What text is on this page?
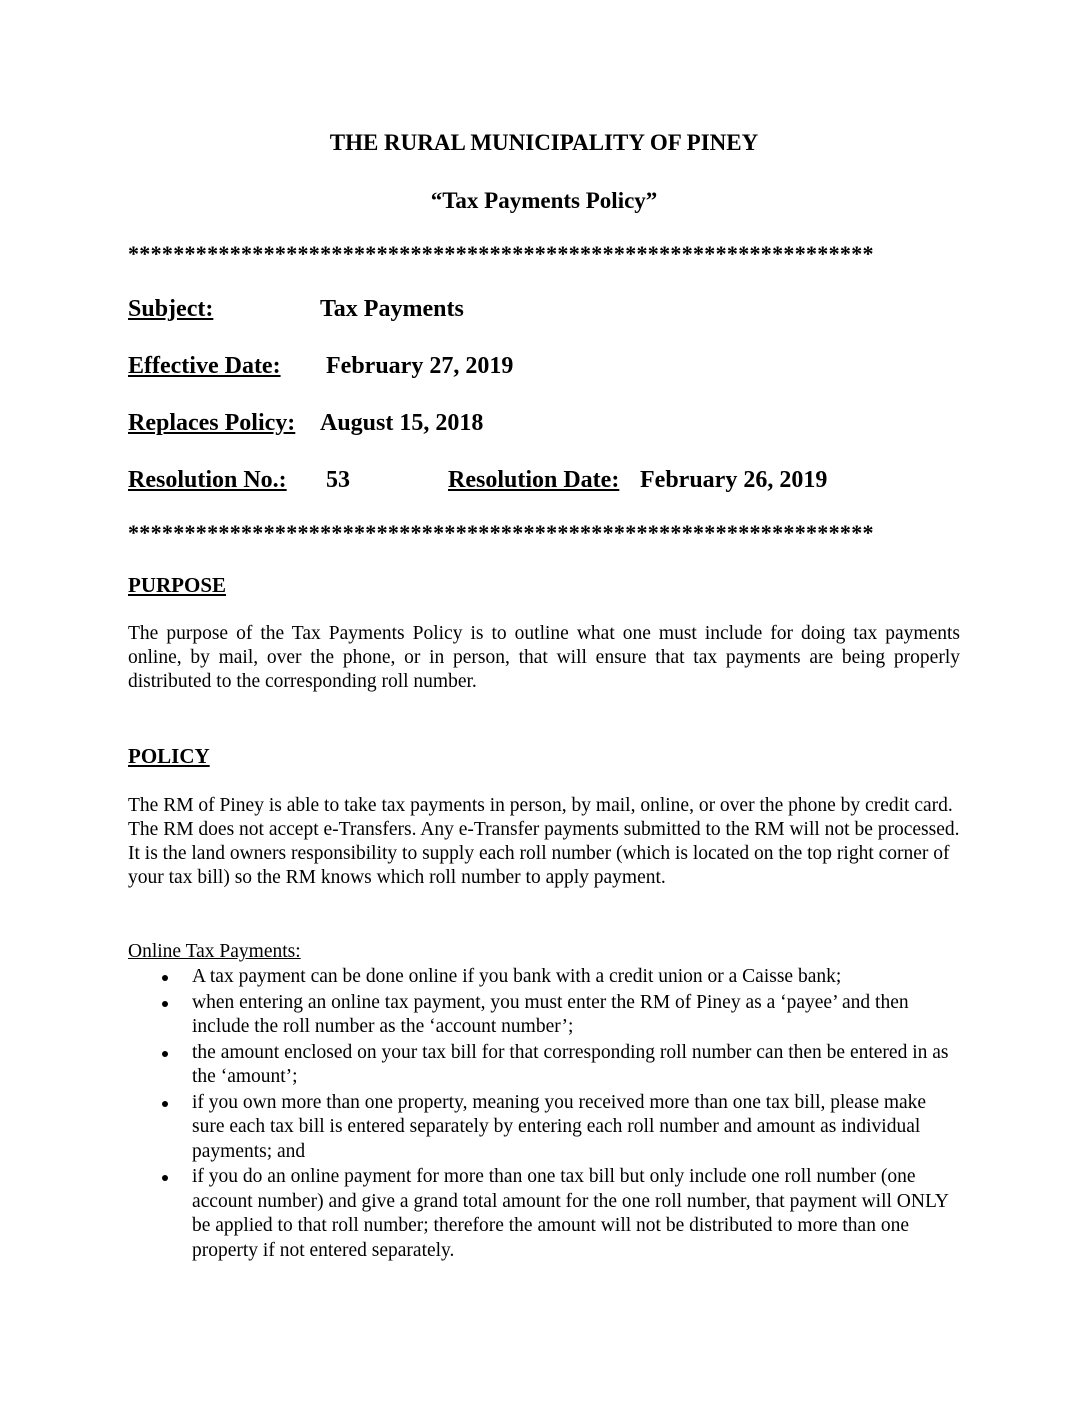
THE RURAL MUNICIPALITY OF PINEY
“Tax Payments Policy”
******************************************************************
Subject:	Tax Payments
Effective Date: February 27, 2019
Replaces Policy: August 15, 2018
Resolution No.: 53	Resolution Date: February 26, 2019
******************************************************************
PURPOSE

The purpose of the Tax Payments Policy is to outline what one must include for doing tax payments online, by mail, over the phone, or in person, that will ensure that tax payments are being properly distributed to the corresponding roll number.

POLICY

The RM of Piney is able to take tax payments in person, by mail, online, or over the phone by credit card. The RM does not accept e-Transfers. Any e-Transfer payments submitted to the RM will not be processed. It is the land owners responsibility to supply each roll number (which is located on the top right corner of your tax bill) so the RM knows which roll number to apply payment.

Online Tax Payments:
A tax payment can be done online if you bank with a credit union or a Caisse bank;
when entering an online tax payment, you must enter the RM of Piney as a ‘payee’ and then include the roll number as the ‘account number’;
the amount enclosed on your tax bill for that corresponding roll number can then be entered in as the ‘amount’;
if you own more than one property, meaning you received more than one tax bill, please make sure each tax bill is entered separately by entering each roll number and amount as individual payments; and
if you do an online payment for more than one tax bill but only include one roll number (one account number) and give a grand total amount for the one roll number, that payment will ONLY be applied to that roll number; therefore the amount will not be distributed to more than one property if not entered separately.
